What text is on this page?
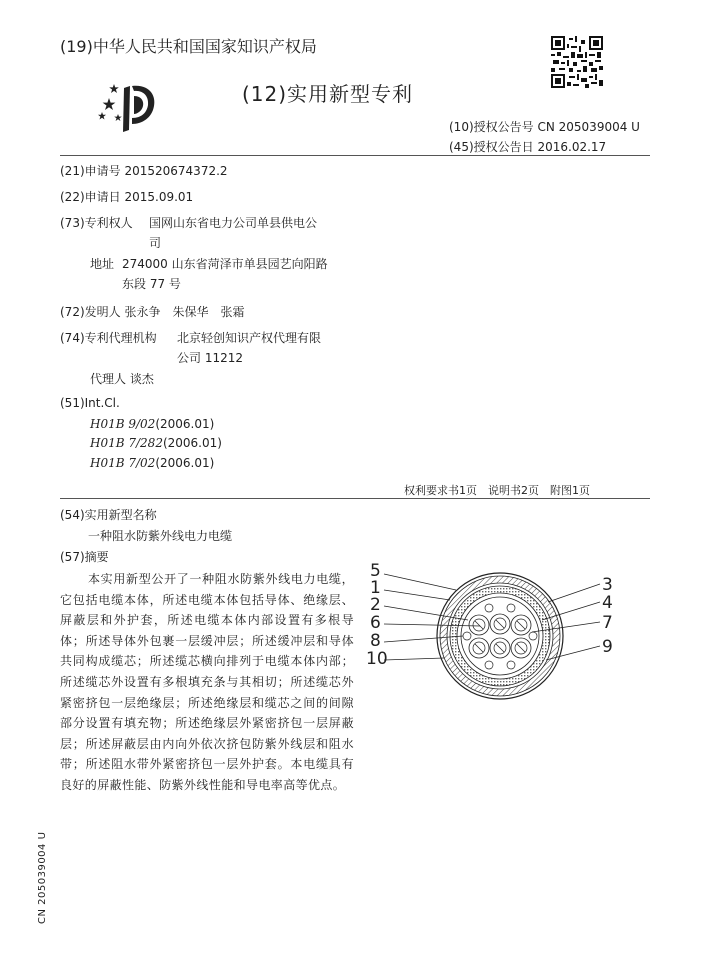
(19)中华人民共和国国家知识产权局
(12)实用新型专利
(10)授权公告号 CN 205039004 U
(45)授权公告日 2016.02.17
(21)申请号 201520674372.2
(22)申请日 2015.09.01
(73)专利权人 国网山东省电力公司单县供电公
司
地址 274000 山东省菏泽市单县园艺向阳路
东段 77 号
(72)发明人 张永争　朱保华　张霜
(74)专利代理机构 北京轻创知识产权代理有限
公司 11212
代理人 谈杰
(51)Int.Cl.
H01B 9/02(2006.01)
H01B 7/282(2006.01)
H01B 7/02(2006.01)
权利要求书1页　说明书2页　附图1页
(54)实用新型名称
一种阻水防紫外线电力电缆
(57)摘要
本实用新型公开了一种阻水防紫外线电力电缆，它包括电缆本体，所述电缆本体包括导体、绝缘层、屏蔽层和外护套，所述电缆本体内部设置有多根导体；所述导体外包裹一层缓冲层；所述缓冲层和导体共同构成缆芯；所述缆芯横向排列于电缆本体内部；所述缆芯外设置有多根填充条与其相切；所述缆芯外紧密挤包一层绝缘层；所述绝缘层和缆芯之间的间隙部分设置有填充物；所述绝缘层外紧密挤包一层屏蔽层；所述屏蔽层由内向外依次挤包防紫外线层和阻水带；所述阻水带外紧密挤包一层外护套。本电缆具有良好的屏蔽性能、防紫外线性能和导电率高等优点。
5
1
2
6
8
10
3
4
7
9
CN 205039004 U
